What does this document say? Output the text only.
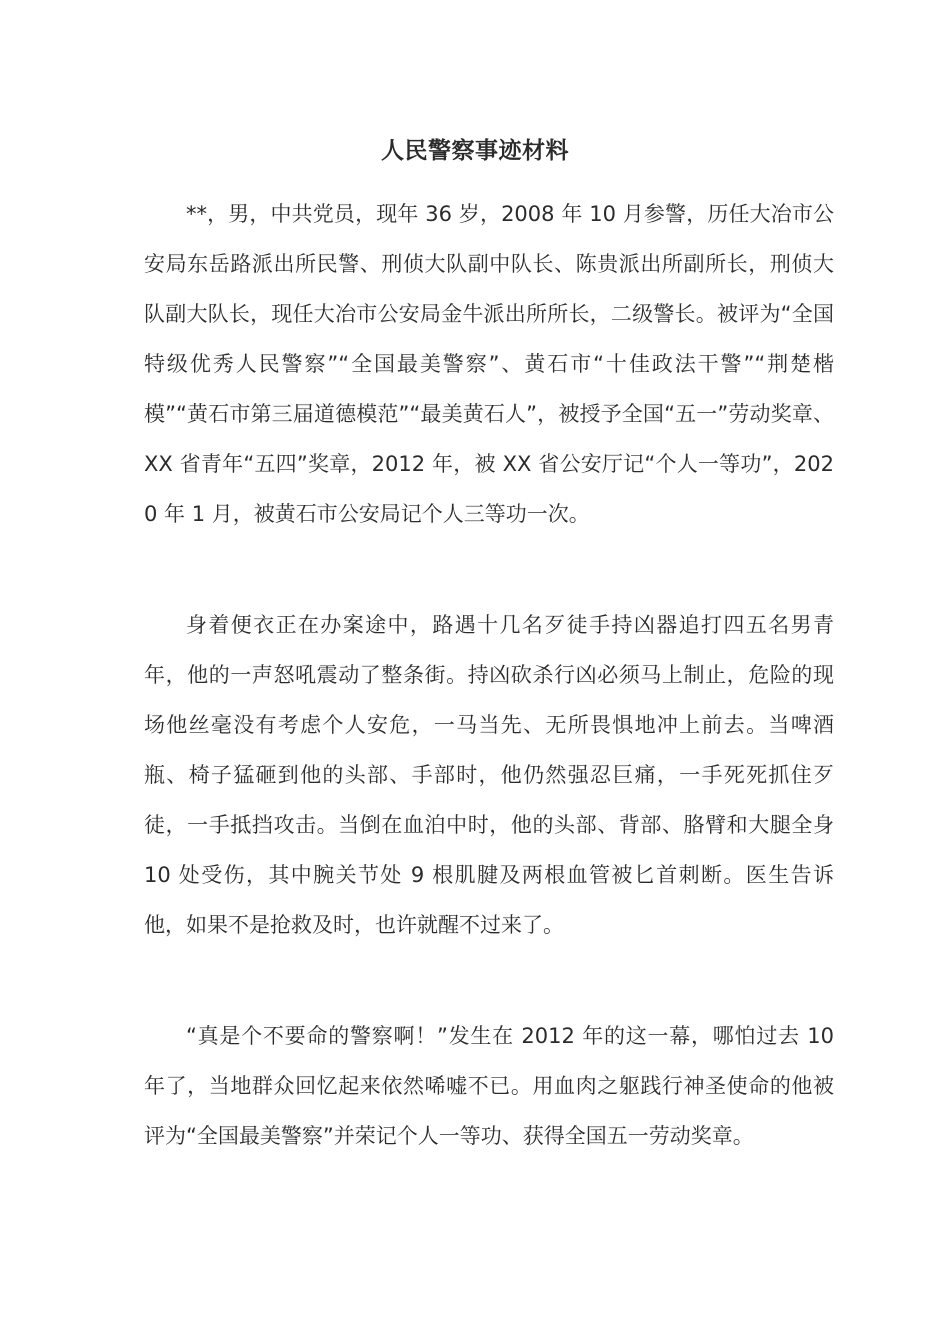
人民警察事迹材料

**，男，中共党员，现年 36 岁，2008 年 10 月参警，历任大冶市公安局东岳路派出所民警、刑侦大队副中队长、陈贵派出所副所长，刑侦大队副大队长，现任大冶市公安局金牛派出所所长，二级警长。被评为“全国特级优秀人民警察”“全国最美警察”、黄石市“十佳政法干警”“荆楚楷模”“黄石市第三届道德模范”“最美黄石人”，被授予全国“五一”劳动奖章、XX 省青年“五四”奖章，2012 年，被 XX 省公安厅记“个人一等功”，2020 年 1 月，被黄石市公安局记个人三等功一次。

身着便衣正在办案途中，路遇十几名歹徒手持凶器追打四五名男青年，他的一声怒吼震动了整条街。持凶砍杀行凶必须马上制止，危险的现场他丝毫没有考虑个人安危，一马当先、无所畏惧地冲上前去。当啤酒瓶、椅子猛砸到他的头部、手部时，他仍然强忍巨痛，一手死死抓住歹徒，一手抵挡攻击。当倒在血泊中时，他的头部、背部、胳臂和大腿全身 10 处受伤，其中腕关节处 9 根肌腱及两根血管被匕首刺断。医生告诉他，如果不是抢救及时，也许就醒不过来了。

“真是个不要命的警察啊！”发生在 2012 年的这一幕，哪怕过去 10 年了，当地群众回忆起来依然唏嘘不已。用血肉之躯践行神圣使命的他被评为“全国最美警察”并荣记个人一等功、获得全国五一劳动奖章。
